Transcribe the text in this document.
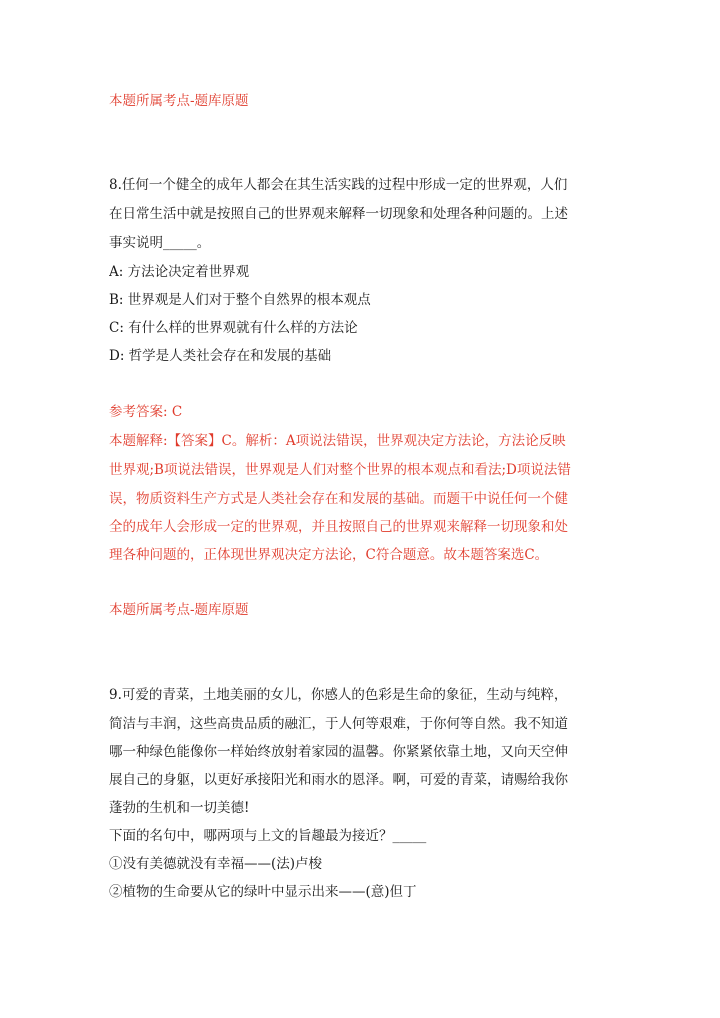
本题所属考点-题库原题
8.任何一个健全的成年人都会在其生活实践的过程中形成一定的世界观，人们
在日常生活中就是按照自己的世界观来解释一切现象和处理各种问题的。上述
事实说明_____。
A: 方法论决定着世界观
B: 世界观是人们对于整个自然界的根本观点
C: 有什么样的世界观就有什么样的方法论
D: 哲学是人类社会存在和发展的基础
参考答案: C
本题解释:【答案】C。解析：A项说法错误，世界观决定方法论，方法论反映
世界观;B项说法错误，世界观是人们对整个世界的根本观点和看法;D项说法错
误，物质资料生产方式是人类社会存在和发展的基础。而题干中说任何一个健
全的成年人会形成一定的世界观，并且按照自己的世界观来解释一切现象和处
理各种问题的，正体现世界观决定方法论，C符合题意。故本题答案选C。
本题所属考点-题库原题
9.可爱的青菜，土地美丽的女儿，你感人的色彩是生命的象征，生动与纯粹，
简洁与丰润，这些高贵品质的融汇，于人何等艰难，于你何等自然。我不知道
哪一种绿色能像你一样始终放射着家园的温馨。你紧紧依靠土地，又向天空伸
展自己的身躯，以更好承接阳光和雨水的恩泽。啊，可爱的青菜，请赐给我你
蓬勃的生机和一切美德!
下面的名句中，哪两项与上文的旨趣最为接近？_____
①没有美德就没有幸福——(法)卢梭
②植物的生命要从它的绿叶中显示出来——(意)但丁
